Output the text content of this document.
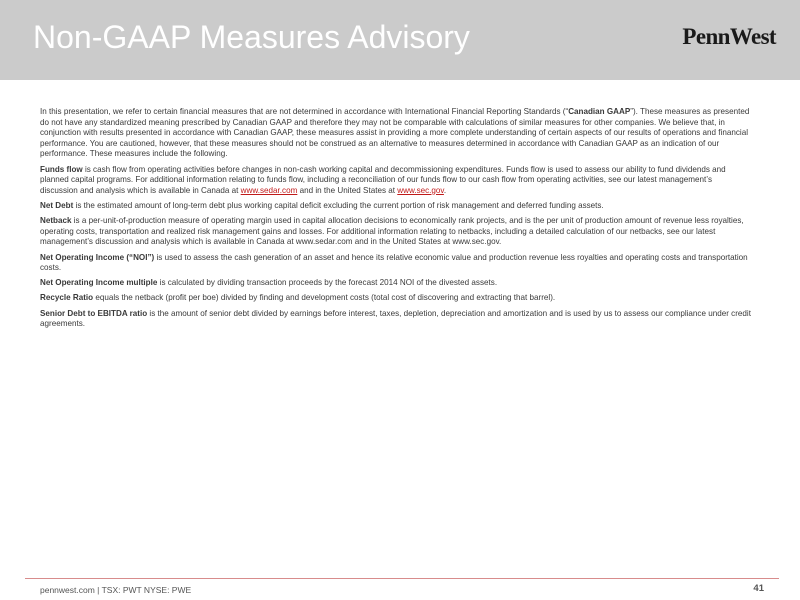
Non-GAAP Measures Advisory	PennWest

In this presentation, we refer to certain financial measures that are not determined in accordance with International Financial Reporting Standards (“Canadian GAAP”). These measures as presented do not have any standardized meaning prescribed by Canadian GAAP and therefore they may not be comparable with calculations of similar measures for other companies. We believe that, in conjunction with results presented in accordance with Canadian GAAP, these measures assist in providing a more complete understanding of certain aspects of our results of operations and financial performance. You are cautioned, however, that these measures should not be construed as an alternative to measures determined in accordance with Canadian GAAP as an indication of our performance. These measures include the following.

Funds flow is cash flow from operating activities before changes in non-cash working capital and decommissioning expenditures. Funds flow is used to assess our ability to fund dividends and planned capital programs. For additional information relating to funds flow, including a reconciliation of our funds flow to our cash flow from operating activities, see our latest management’s discussion and analysis which is available in Canada at www.sedar.com and in the United States at www.sec.gov.

Net Debt is the estimated amount of long-term debt plus working capital deficit excluding the current portion of risk management and deferred funding assets.

Netback is a per-unit-of-production measure of operating margin used in capital allocation decisions to economically rank projects, and is the per unit of production amount of revenue less royalties, operating costs, transportation and realized risk management gains and losses. For additional information relating to netbacks, including a detailed calculation of our netbacks, see our latest management’s discussion and analysis which is available in Canada at www.sedar.com and in the United States at www.sec.gov.

Net Operating Income (“NOI”) is used to assess the cash generation of an asset and hence its relative economic value and production revenue less royalties and operating costs and transportation costs.

Net Operating Income multiple is calculated by dividing transaction proceeds by the forecast 2014 NOI of the divested assets.

Recycle Ratio equals the netback (profit per boe) divided by finding and development costs (total cost of discovering and extracting that barrel).

Senior Debt to EBITDA ratio is the amount of senior debt divided by earnings before interest, taxes, depletion, depreciation and amortization and is used by us to assess our compliance under credit agreements.

pennwest.com | TSX: PWT NYSE: PWE	41
